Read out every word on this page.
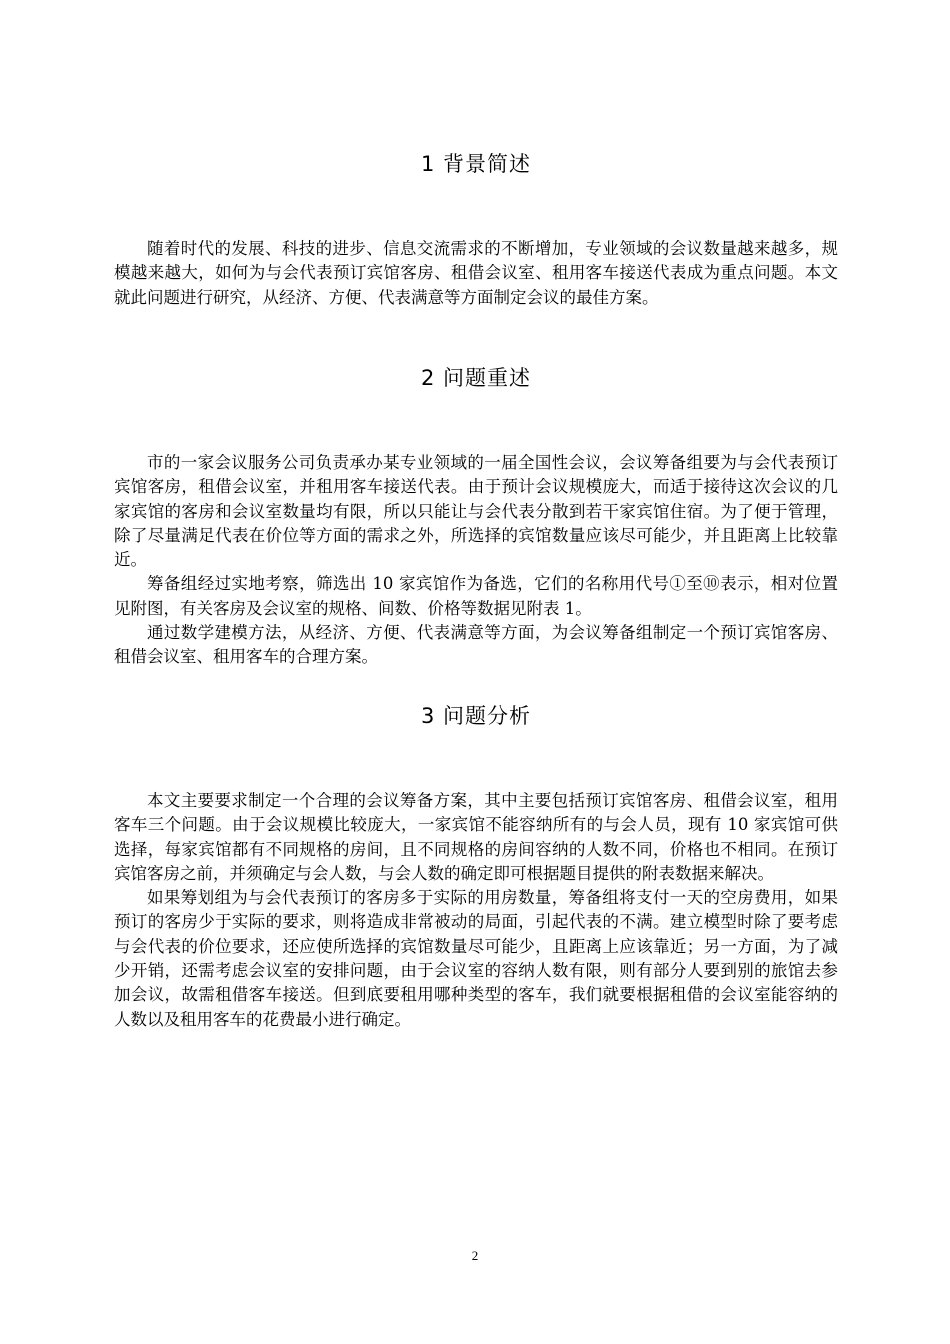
1 背景简述

随着时代的发展、科技的进步、信息交流需求的不断增加，专业领域的会议数量越来越多，规模越来越大，如何为与会代表预订宾馆客房、租借会议室、租用客车接送代表成为重点问题。本文就此问题进行研究，从经济、方便、代表满意等方面制定会议的最佳方案。

2 问题重述

市的一家会议服务公司负责承办某专业领域的一届全国性会议，会议筹备组要为与会代表预订宾馆客房，租借会议室，并租用客车接送代表。由于预计会议规模庞大，而适于接待这次会议的几家宾馆的客房和会议室数量均有限，所以只能让与会代表分散到若干家宾馆住宿。为了便于管理，除了尽量满足代表在价位等方面的需求之外，所选择的宾馆数量应该尽可能少，并且距离上比较靠近。

筹备组经过实地考察，筛选出 10 家宾馆作为备选，它们的名称用代号①至⑩表示，相对位置见附图，有关客房及会议室的规格、间数、价格等数据见附表 1。

通过数学建模方法，从经济、方便、代表满意等方面，为会议筹备组制定一个预订宾馆客房、租借会议室、租用客车的合理方案。

3 问题分析

本文主要要求制定一个合理的会议筹备方案，其中主要包括预订宾馆客房、租借会议室，租用客车三个问题。由于会议规模比较庞大，一家宾馆不能容纳所有的与会人员，现有 10 家宾馆可供选择，每家宾馆都有不同规格的房间，且不同规格的房间容纳的人数不同，价格也不相同。在预订宾馆客房之前，并须确定与会人数，与会人数的确定即可根据题目提供的附表数据来解决。

如果筹划组为与会代表预订的客房多于实际的用房数量，筹备组将支付一天的空房费用，如果预订的客房少于实际的要求，则将造成非常被动的局面，引起代表的不满。建立模型时除了要考虑与会代表的价位要求，还应使所选择的宾馆数量尽可能少，且距离上应该靠近；另一方面，为了减少开销，还需考虑会议室的安排问题，由于会议室的容纳人数有限，则有部分人要到别的旅馆去参加会议，故需租借客车接送。但到底要租用哪种类型的客车，我们就要根据租借的会议室能容纳的人数以及租用客车的花费最小进行确定。

2
